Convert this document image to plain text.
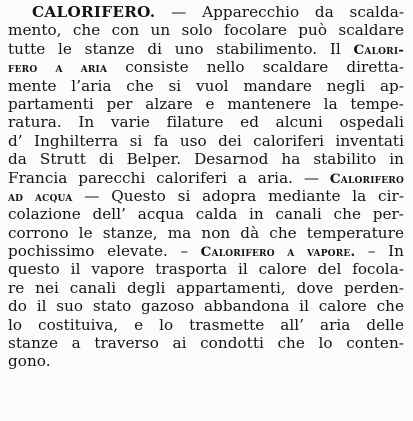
CALORIFERO. — Apparecchio da scalda-
mento, che con un solo focolare può scaldare
tutte le stanze di uno stabilimento. Il Calori-
fero a aria consiste nello scaldare diretta-
mente l’aria che si vuol mandare negli ap-
partamenti per alzare e mantenere la tempe-
ratura. In varie filature ed alcuni ospedali
d’ Inghilterra si fa uso dei caloriferi inventati
da Strutt di Belper. Desarnod ha stabilito in
Francia parecchi caloriferi a aria. — Calorifero
ad acqua — Questo si adopra mediante la cir-
colazione dell’ acqua calda in canali che per-
corrono le stanze, ma non dà che temperature
pochissimo elevate. – Calorifero a vapore. – In
questo il vapore trasporta il calore del focola-
re nei canali degli appartamenti, dove perden-
do il suo stato gazoso abbandona il calore che
lo costituiva, e lo trasmette all’ aria delle
stanze a traverso ai condotti che lo conten-
gono.
